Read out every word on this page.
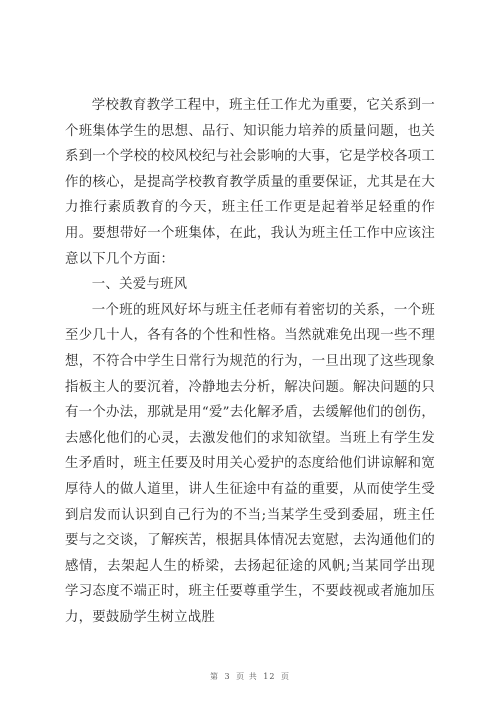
学校教育教学工程中，班主任工作尤为重要，它关系到一个班集体学生的思想、品行、知识能力培养的质量问题，也关系到一个学校的校风校纪与社会影响的大事，它是学校各项工作的核心，是提高学校教育教学质量的重要保证，尤其是在大力推行素质教育的今天，班主任工作更是起着举足轻重的作用。要想带好一个班集体，在此，我认为班主任工作中应该注意以下几个方面：

一、关爱与班风

一个班的班风好坏与班主任老师有着密切的关系，一个班至少几十人，各有各的个性和性格。当然就难免出现一些不理想，不符合中学生日常行为规范的行为，一旦出现了这些现象指板主人的要沉着，冷静地去分析，解决问题。解决问题的只有一个办法，那就是用“爱”去化解矛盾，去缓解他们的创伤，去感化他们的心灵，去激发他们的求知欲望。当班上有学生发生矛盾时，班主任要及时用关心爱护的态度给他们讲谅解和宽厚待人的做人道里，讲人生征途中有益的重要，从而使学生受到启发而认识到自己行为的不当;当某学生受到委屈，班主任要与之交谈，了解疾苦，根据具体情况去宽慰，去沟通他们的感情，去架起人生的桥梁，去扬起征途的风帆;当某同学出现学习态度不端正时，班主任要尊重学生，不要歧视或者施加压力，要鼓励学生树立战胜

第 3 页 共 12 页
